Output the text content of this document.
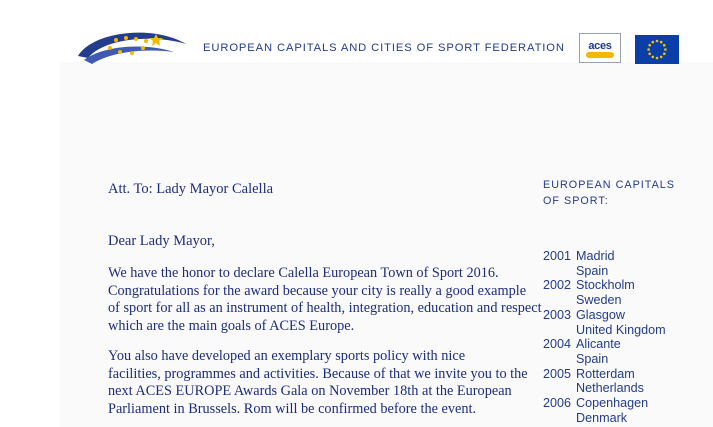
EUROPEAN CAPITALS AND CITIES OF SPORT FEDERATION	aces
Att. To: Lady Mayor Calella	EUROPEAN CAPITALS
OF SPORT:
Dear Lady Mayor,
We have the honor to declare Calella European Town of Sport 2016.
Congratulations for the award because your city is really a good example
of sport for all as an instrument of health, integration, education and respect
which are the main goals of ACES Europe.
You also have developed an exemplary sports policy with nice
facilities, programmes and activities. Because of that we invite you to the
next ACES EUROPE Awards Gala on November 18th at the European
Parliament in Brussels. Rom will be confirmed before the event.
2001 Madrid
Spain
2002 Stockholm
Sweden
2003 Glasgow
United Kingdom
2004 Alicante
Spain
2005 Rotterdam
Netherlands
2006 Copenhagen
Denmark
